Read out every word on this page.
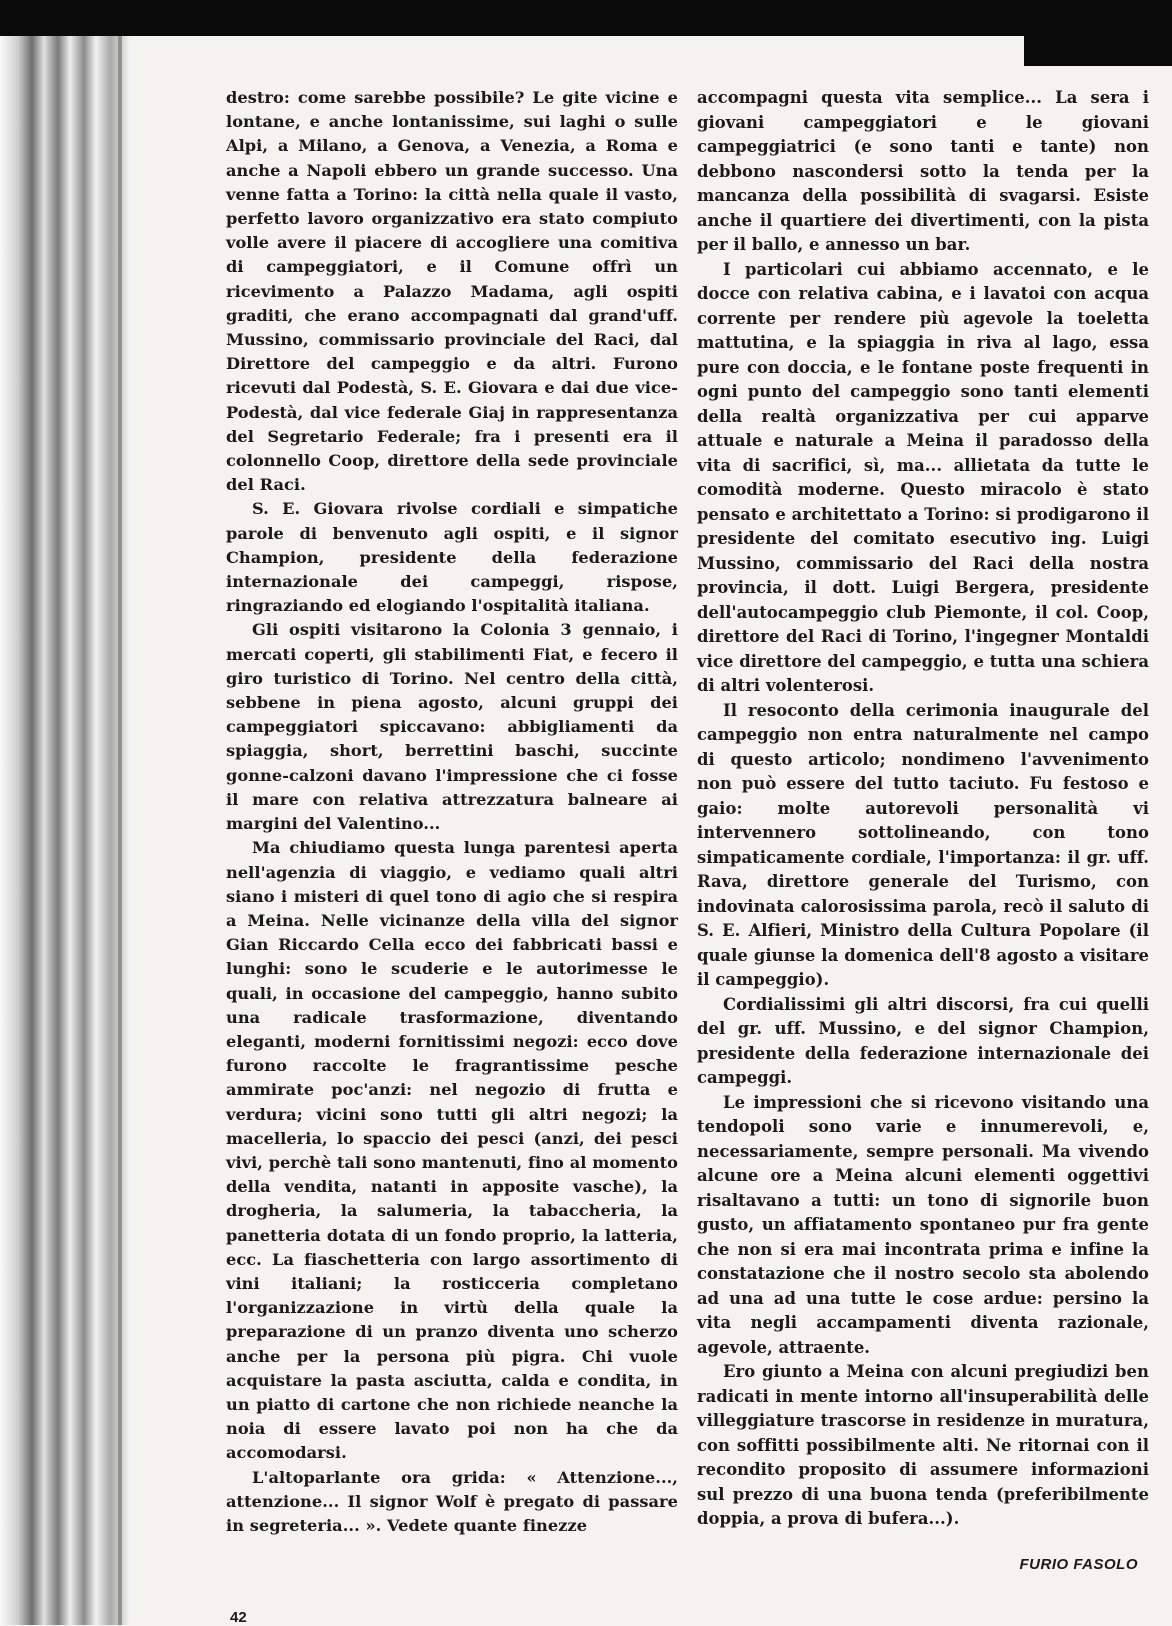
destro: come sarebbe possibile? Le gite vicine e lontane, e anche lontanissime, sui laghi o sulle Alpi, a Milano, a Genova, a Venezia, a Roma e anche a Napoli ebbero un grande successo. Una venne fatta a Torino: la città nella quale il vasto, perfetto lavoro organizzativo era stato compiuto volle avere il piacere di accogliere una comitiva di campeggiatori, e il Comune offrì un ricevimento a Palazzo Madama, agli ospiti graditi, che erano accompagnati dal grand'uff. Mussino, commissario provinciale del Raci, dal Direttore del campeggio e da altri. Furono ricevuti dal Podestà, S. E. Giovara e dai due vice-Podestà, dal vice federale Giaj in rappresentanza del Segretario Federale; fra i presenti era il colonnello Coop, direttore della sede provinciale del Raci.

S. E. Giovara rivolse cordiali e simpatiche parole di benvenuto agli ospiti, e il signor Champion, presidente della federazione internazionale dei campeggi, rispose, ringraziando ed elogiando l'ospitalità italiana.

Gli ospiti visitarono la Colonia 3 gennaio, i mercati coperti, gli stabilimenti Fiat, e fecero il giro turistico di Torino. Nel centro della città, sebbene in piena agosto, alcuni gruppi dei campeggiatori spiccavano: abbigliamenti da spiaggia, short, berrettini baschi, succinte gonne-calzoni davano l'impressione che ci fosse il mare con relativa attrezzatura balneare ai margini del Valentino...

Ma chiudiamo questa lunga parentesi aperta nell'agenzia di viaggio, e vediamo quali altri siano i misteri di quel tono di agio che si respira a Meina. Nelle vicinanze della villa del signor Gian Riccardo Cella ecco dei fabbricati bassi e lunghi: sono le scuderie e le autorimesse le quali, in occasione del campeggio, hanno subito una radicale trasformazione, diventando eleganti, moderni fornitissimi negozi: ecco dove furono raccolte le fragrantissime pesche ammirate poc'anzi: nel negozio di frutta e verdura; vicini sono tutti gli altri negozi; la macelleria, lo spaccio dei pesci (anzi, dei pesci vivi, perchè tali sono mantenuti, fino al momento della vendita, natanti in apposite vasche), la drogheria, la salumeria, la tabaccheria, la panetteria dotata di un fondo proprio, la latteria, ecc. La fiaschetteria con largo assortimento di vini italiani; la rosticceria completano l'organizzazione in virtù della quale la preparazione di un pranzo diventa uno scherzo anche per la persona più pigra. Chi vuole acquistare la pasta asciutta, calda e condita, in un piatto di cartone che non richiede neanche la noia di essere lavato poi non ha che da accomodarsi.

L'altoparlante ora grida: « Attenzione..., attenzione... Il signor Wolf è pregato di passare in segreteria... ». Vedete quante finezze

accompagni questa vita semplice... La sera i giovani campeggiatori e le giovani campeggiatrici (e sono tanti e tante) non debbono nascondersi sotto la tenda per la mancanza della possibilità di svagarsi. Esiste anche il quartiere dei divertimenti, con la pista per il ballo, e annesso un bar.

I particolari cui abbiamo accennato, e le docce con relativa cabina, e i lavatoi con acqua corrente per rendere più agevole la toeletta mattutina, e la spiaggia in riva al lago, essa pure con doccia, e le fontane poste frequenti in ogni punto del campeggio sono tanti elementi della realtà organizzativa per cui apparve attuale e naturale a Meina il paradosso della vita di sacrifici, sì, ma... allietata da tutte le comodità moderne. Questo miracolo è stato pensato e architettato a Torino: si prodigarono il presidente del comitato esecutivo ing. Luigi Mussino, commissario del Raci della nostra provincia, il dott. Luigi Bergera, presidente dell'autocampeggio club Piemonte, il col. Coop, direttore del Raci di Torino, l'ingegner Montaldi vice direttore del campeggio, e tutta una schiera di altri volenterosi.

Il resoconto della cerimonia inaugurale del campeggio non entra naturalmente nel campo di questo articolo; nondimeno l'avvenimento non può essere del tutto taciuto. Fu festoso e gaio: molte autorevoli personalità vi intervennero sottolineando, con tono simpaticamente cordiale, l'importanza: il gr. uff. Rava, direttore generale del Turismo, con indovinata calorosissima parola, recò il saluto di S. E. Alfieri, Ministro della Cultura Popolare (il quale giunse la domenica dell'8 agosto a visitare il campeggio).

Cordialissimi gli altri discorsi, fra cui quelli del gr. uff. Mussino, e del signor Champion, presidente della federazione internazionale dei campeggi.

Le impressioni che si ricevono visitando una tendopoli sono varie e innumerevoli, e, necessariamente, sempre personali. Ma vivendo alcune ore a Meina alcuni elementi oggettivi risaltavano a tutti: un tono di signorile buon gusto, un affiatamento spontaneo pur fra gente che non si era mai incontrata prima e infine la constatazione che il nostro secolo sta abolendo ad una ad una tutte le cose ardue: persino la vita negli accampamenti diventa razionale, agevole, attraente.

Ero giunto a Meina con alcuni pregiudizi ben radicati in mente intorno all'insuperabilità delle villeggiature trascorse in residenze in muratura, con soffitti possibilmente alti. Ne ritornai con il recondito proposito di assumere informazioni sul prezzo di una buona tenda (preferibilmente doppia, a prova di bufera...).

FURIO FASOLO
42
